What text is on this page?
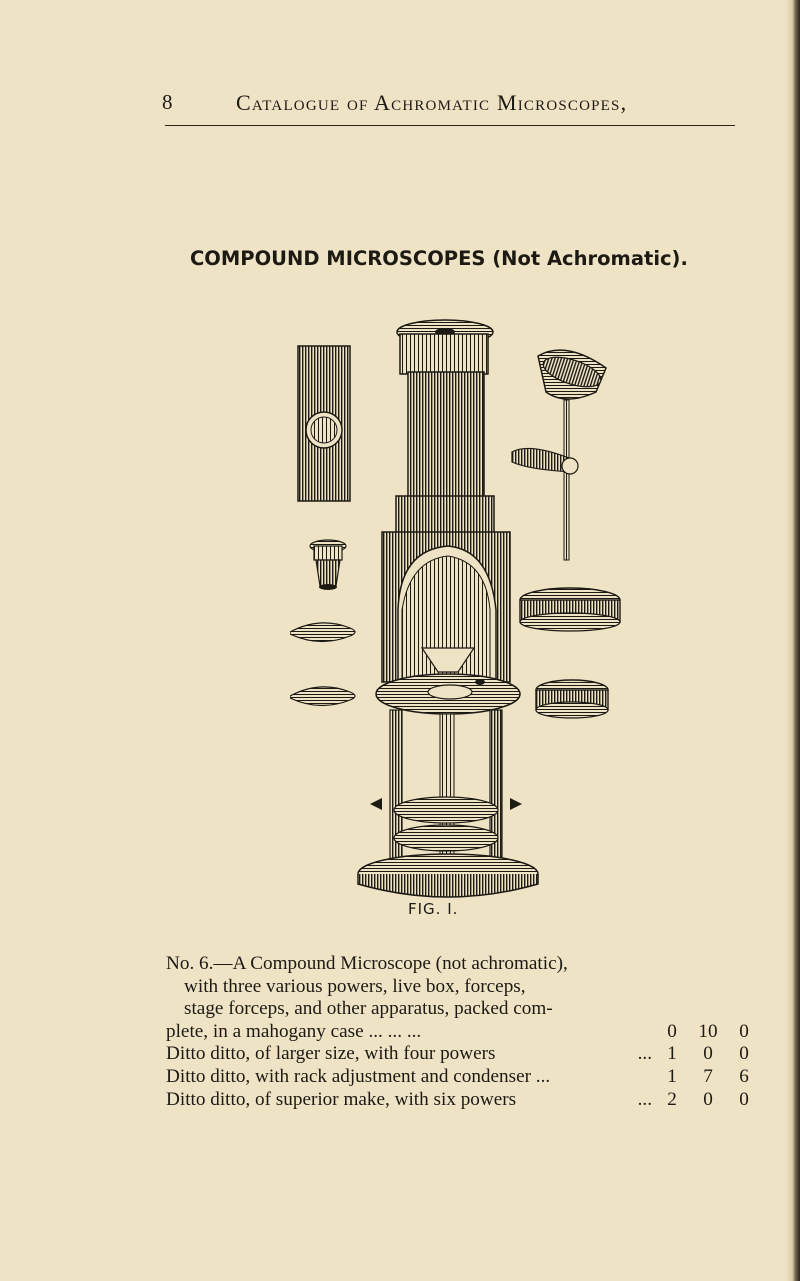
8	Catalogue of Achromatic Microscopes,
COMPOUND MICROSCOPES (Not Achromatic).
FIG. I.
No. 6.—A Compound Microscope (not achromatic),
with three various powers, live box, forceps,
stage forceps, and other apparatus, packed com-
plete, in a mahogany case ... ... ...	0	10	0
Ditto ditto, of larger size, with four powers	... 1	0	0
Ditto ditto, with rack adjustment and condenser ...	1	7	6
Ditto ditto, of superior make, with six powers	... 2	0	0
